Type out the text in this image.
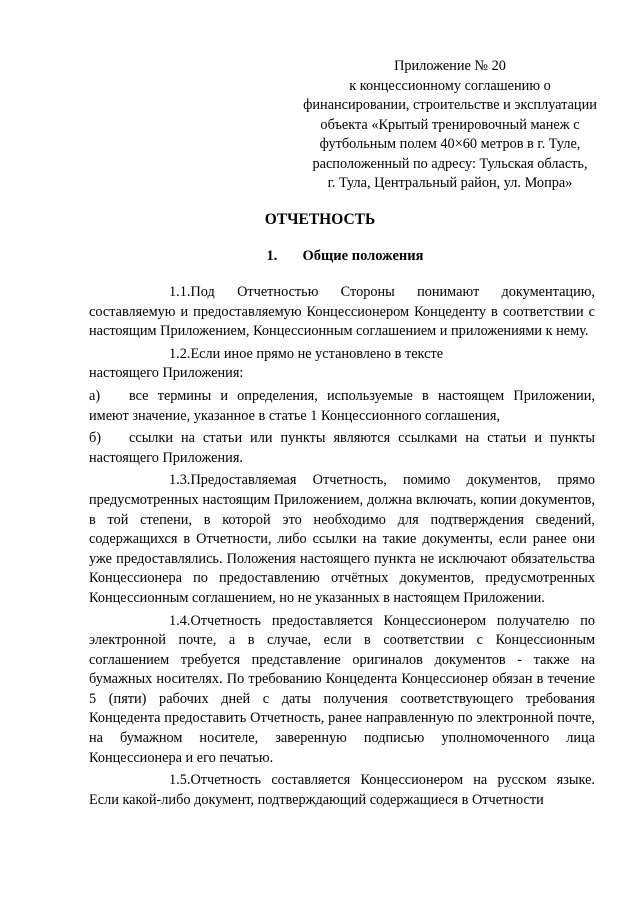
Приложение № 20
к концессионному соглашению о
финансировании, строительстве и эксплуатации
объекта «Крытый тренировочный манеж с
футбольным полем 40×60 метров в г. Туле,
расположенный по адресу: Тульская область,
г. Тула, Центральный район, ул. Мопра»
ОТЧЕТНОСТЬ
1. Общие положения

1.1.Под Отчетностью Стороны понимают документацию, составляемую и предоставляемую Концессионером Концеденту в соответствии с настоящим Приложением, Концессионным соглашением и приложениями к нему.

1.2.Если иное прямо не установлено в тексте настоящего Приложения:

а) все термины и определения, используемые в настоящем Приложении, имеют значение, указанное в статье 1 Концессионного соглашения,

б) ссылки на статьи или пункты являются ссылками на статьи и пункты настоящего Приложения.

1.3.Предоставляемая Отчетность, помимо документов, прямо предусмотренных настоящим Приложением, должна включать, копии документов, в той степени, в которой это необходимо для подтверждения сведений, содержащихся в Отчетности, либо ссылки на такие документы, если ранее они уже предоставлялись. Положения настоящего пункта не исключают обязательства Концессионера по предоставлению отчётных документов, предусмотренных Концессионным соглашением, но не указанных в настоящем Приложении.

1.4.Отчетность предоставляется Концессионером получателю по электронной почте, а в случае, если в соответствии с Концессионным соглашением требуется представление оригиналов документов - также на бумажных носителях. По требованию Концедента Концессионер обязан в течение 5 (пяти) рабочих дней с даты получения соответствующего требования Концедента предоставить Отчетность, ранее направленную по электронной почте, на бумажном носителе, заверенную подписью уполномоченного лица Концессионера и его печатью.

1.5.Отчетность составляется Концессионером на русском языке. Если какой-либо документ, подтверждающий содержащиеся в Отчетности
